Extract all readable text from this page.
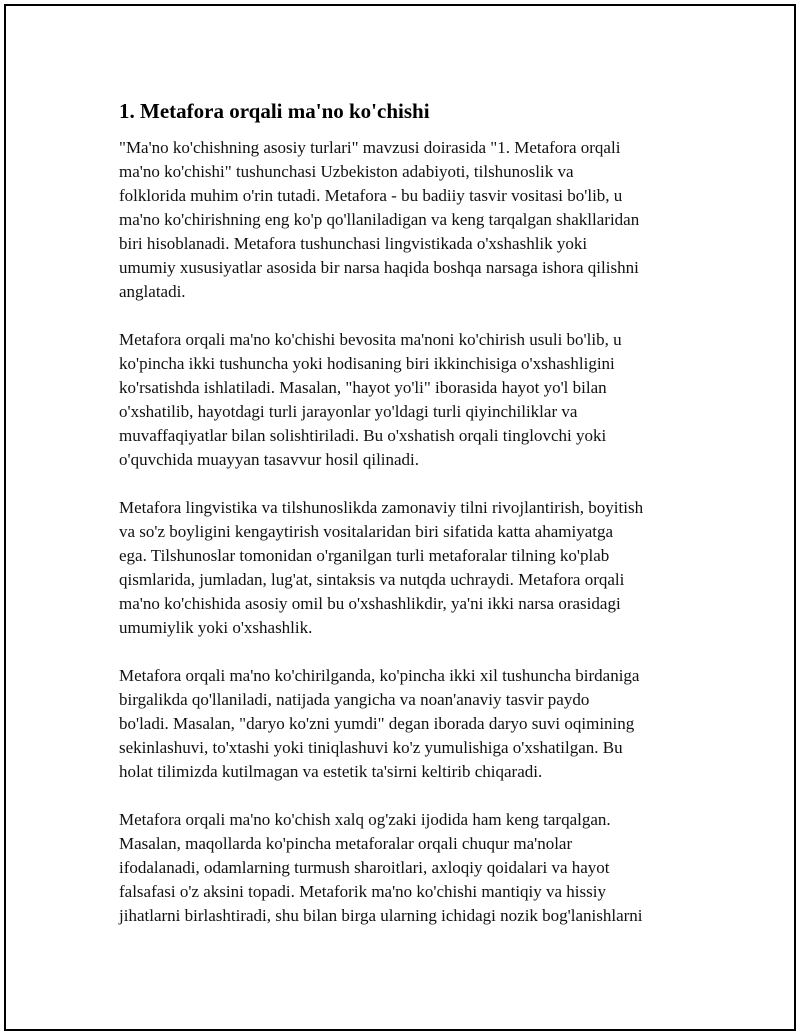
1. Metafora orqali ma'no ko'chishi

"Ma'no ko'chishning asosiy turlari" mavzusi doirasida "1. Metafora orqali
ma'no ko'chishi" tushunchasi Uzbekiston adabiyoti, tilshunoslik va
folklorida muhim o'rin tutadi. Metafora - bu badiiy tasvir vositasi bo'lib, u
ma'no ko'chirishning eng ko'p qo'llaniladigan va keng tarqalgan shakllaridan
biri hisoblanadi. Metafora tushunchasi lingvistikada o'xshashlik yoki
umumiy xususiyatlar asosida bir narsa haqida boshqa narsaga ishora qilishni
anglatadi.

Metafora orqali ma'no ko'chishi bevosita ma'noni ko'chirish usuli bo'lib, u
ko'pincha ikki tushuncha yoki hodisaning biri ikkinchisiga o'xshashligini
ko'rsatishda ishlatiladi. Masalan, "hayot yo'li" iborasida hayot yo'l bilan
o'xshatilib, hayotdagi turli jarayonlar yo'ldagi turli qiyinchiliklar va
muvaffaqiyatlar bilan solishtiriladi. Bu o'xshatish orqali tinglovchi yoki
o'quvchida muayyan tasavvur hosil qilinadi.

Metafora lingvistika va tilshunoslikda zamonaviy tilni rivojlantirish, boyitish
va so'z boyligini kengaytirish vositalaridan biri sifatida katta ahamiyatga
ega. Tilshunoslar tomonidan o'rganilgan turli metaforalar tilning ko'plab
qismlarida, jumladan, lug'at, sintaksis va nutqda uchraydi. Metafora orqali
ma'no ko'chishida asosiy omil bu o'xshashlikdir, ya'ni ikki narsa orasidagi
umumiylik yoki o'xshashlik.

Metafora orqali ma'no ko'chirilganda, ko'pincha ikki xil tushuncha birdaniga
birgalikda qo'llaniladi, natijada yangicha va noan'anaviy tasvir paydo
bo'ladi. Masalan, "daryo ko'zni yumdi" degan iborada daryo suvi oqimining
sekinlashuvi, to'xtashi yoki tiniqlashuvi ko'z yumulishiga o'xshatilgan. Bu
holat tilimizda kutilmagan va estetik ta'sirni keltirib chiqaradi.

Metafora orqali ma'no ko'chish xalq og'zaki ijodida ham keng tarqalgan.
Masalan, maqollarda ko'pincha metaforalar orqali chuqur ma'nolar
ifodalanadi, odamlarning turmush sharoitlari, axloqiy qoidalari va hayot
falsafasi o'z aksini topadi. Metaforik ma'no ko'chishi mantiqiy va hissiy
jihatlarni birlashtiradi, shu bilan birga ularning ichidagi nozik bog'lanishlarni
